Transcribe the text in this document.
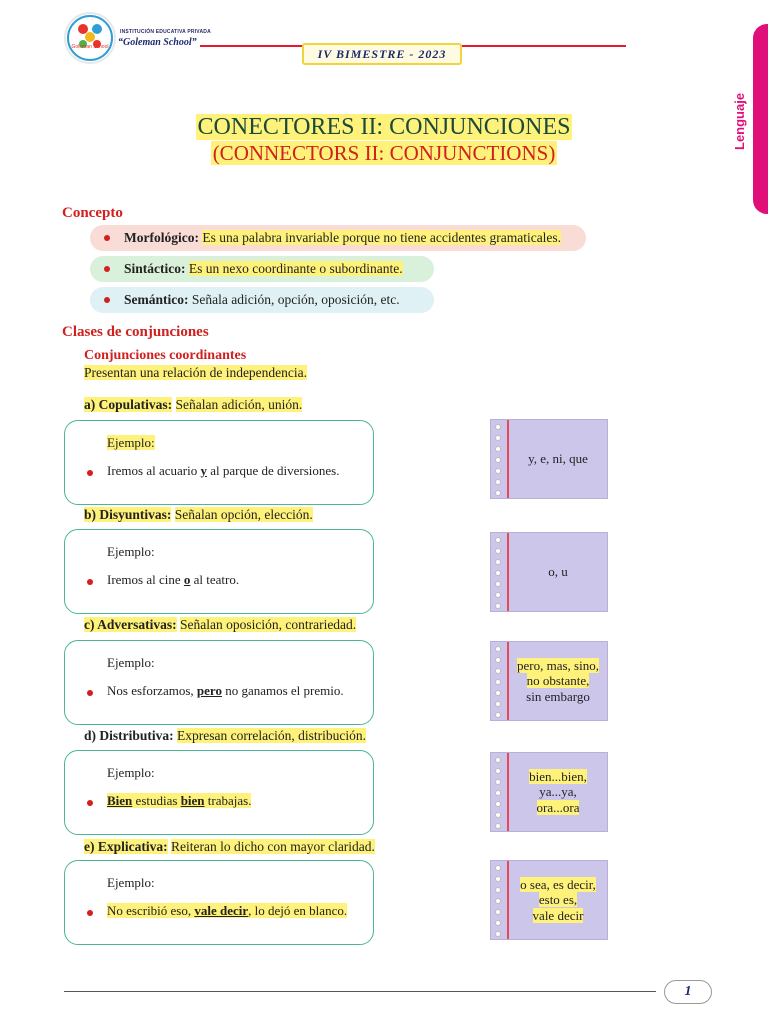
Goleman School
INSTITUCIÓN EDUCATIVA PRIVADA
“Goleman School”
IV BIMESTRE - 2023
Lenguaje
CONECTORES II: CONJUNCIONES
(CONNECTORS II: CONJUNCTIONS)
Concepto
Morfológico: Es una palabra invariable porque no tiene accidentes gramaticales.
Sintáctico: Es un nexo coordinante o subordinante.
Semántico: Señala adición, opción, oposición, etc.
Clases de conjunciones
Conjunciones coordinantes
Presentan una relación de independencia.
a) Copulativas: Señalan adición, unión.
Ejemplo:
Iremos al acuario y al parque de diversiones.
y, e, ni, que
b) Disyuntivas: Señalan opción, elección.
Ejemplo:
Iremos al cine o al teatro.
o, u
c) Adversativas: Señalan oposición, contrariedad.
Ejemplo:
Nos esforzamos, pero no ganamos el premio.
pero, mas, sino,
no obstante,
sin embargo
d) Distributiva: Expresan correlación, distribución.
Ejemplo:
Bien estudias bien trabajas.
bien...bien,
ya...ya,
ora...ora
e) Explicativa: Reiteran lo dicho con mayor claridad.
Ejemplo:
No escribió eso, vale decir, lo dejó en blanco.
o sea, es decir,
esto es,
vale decir
1
